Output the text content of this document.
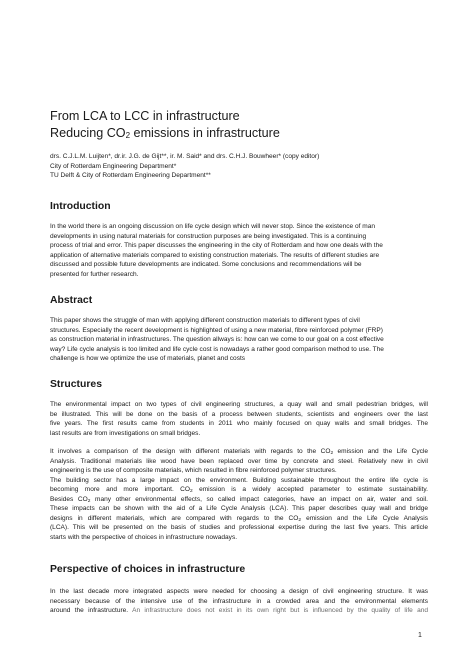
From LCA to LCC in infrastructure
Reducing $CO_2$ emissions in infrastructure
drs. C.J.L.M. Luijten*, dr.ir. J.G. de Gijt**, ir. M. Said* and drs. C.H.J. Bouwheer* (copy editor)
City of Rotterdam Engineering Department*
TU Delft & City of Rotterdam Engineering Department**
Introduction
In the world there is an ongoing discussion on life cycle design which will never stop. Since the existence of man
developments in using natural materials for construction purposes are being investigated. This is a continuing
process of trial and error. This paper discusses the engineering in the city of Rotterdam and how one deals with the
application of alternative materials compared to existing construction materials. The results of different studies are
discussed and possible future developments are indicated. Some conclusions and recommendations will be
presented for further research.
Abstract
This paper shows the struggle of man with applying different construction materials to different types of civil
structures. Especially the recent development is highlighted of using a new material, fibre reinforced polymer (FRP)
as construction material in infrastructures. The question allways is: how can we come to our goal on a cost effective
way? Life cycle analysis is too limited and life cycle cost is nowadays a rather good comparison method to use. The
challenge is how we optimize the use of materials, planet and costs
Structures
The environmental impact on two types of civil engineering structures, a quay wall and small pedestrian bridges, will
be illustrated. This will be done on the basis of a process between students, scientists and engineers over the last
five years. The first results came from students in 2011 who mainly focused on quay walls and small bridges. The
last results are from investigations on small bridges.
It involves a comparison of the design with different materials with regards to the $CO_2$ emission and the Life Cycle
Analysis. Traditional materials like wood have been replaced over time by concrete and steel. Relatively new in civil
engineering is the use of composite materials, which resulted in fibre reinforced polymer structures.
The building sector has a large impact on the environment. Building sustainable throughout the entire life cycle is
becoming more and more important. $CO_2$ emission is a widely accepted parameter to estimate sustainability.
Besides $CO_2$ many other environmental effects, so called impact categories, have an impact on air, water and soil.
These impacts can be shown with the aid of a Life Cycle Analysis (LCA). This paper describes quay wall and bridge
designs in different materials, which are compared with regards to the $CO_2$ emission and the Life Cycle Analysis
(LCA). This will be presented on the basis of studies and professional expertise during the last five years. This article
starts with the perspective of choices in infrastructure nowadays.
Perspective of choices in infrastructure
In the last decade more integrated aspects were needed for choosing a design of civil engineering structure. It was
necessary because of the intensive use of the infrastructure in a crowded area and the environmental elements
around the infrastructure. An infrastructure does not exist in its own right but is influenced by the quality of life and
1
